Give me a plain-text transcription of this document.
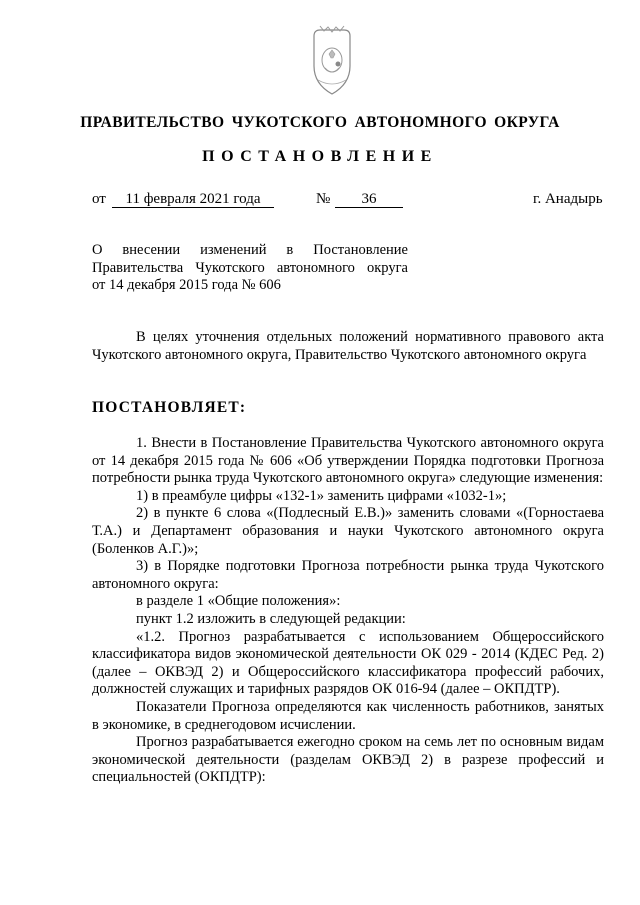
ПРАВИТЕЛЬСТВО ЧУКОТСКОГО АВТОНОМНОГО ОКРУГА
ПОСТАНОВЛЕНИЕ
от	11 февраля 2021 года	№	36	г. Анадырь
О внесении изменений в Постановление
Правительства Чукотского автономного округа
от 14 декабря 2015 года № 606

В целях уточнения отдельных положений нормативного правового акта Чукотского автономного округа, Правительство Чукотского автономного округа

ПОСТАНОВЛЯЕТ:

1. Внести в Постановление Правительства Чукотского автономного округа от 14 декабря 2015 года № 606 «Об утверждении Порядка подготовки Прогноза потребности рынка труда Чукотского автономного округа» следующие изменения:

1) в преамбуле цифры «132-1» заменить цифрами «1032-1»;

2) в пункте 6 слова «(Подлесный Е.В.)» заменить словами «(Горностаева Т.А.) и Департамент образования и науки Чукотского автономного округа (Боленков А.Г.)»;

3) в Порядке подготовки Прогноза потребности рынка труда Чукотского автономного округа:

в разделе 1 «Общие положения»:

пункт 1.2 изложить в следующей редакции:

«1.2. Прогноз разрабатывается с использованием Общероссийского классификатора видов экономической деятельности ОК 029 - 2014 (КДЕС Ред. 2) (далее – ОКВЭД 2) и Общероссийского классификатора профессий рабочих, должностей служащих и тарифных разрядов ОК 016-94 (далее – ОКПДТР).

Показатели Прогноза определяются как численность работников, занятых в экономике, в среднегодовом исчислении.

Прогноз разрабатывается ежегодно сроком на семь лет по основным видам экономической деятельности (разделам ОКВЭД 2) в разрезе профессий и специальностей (ОКПДТР):
